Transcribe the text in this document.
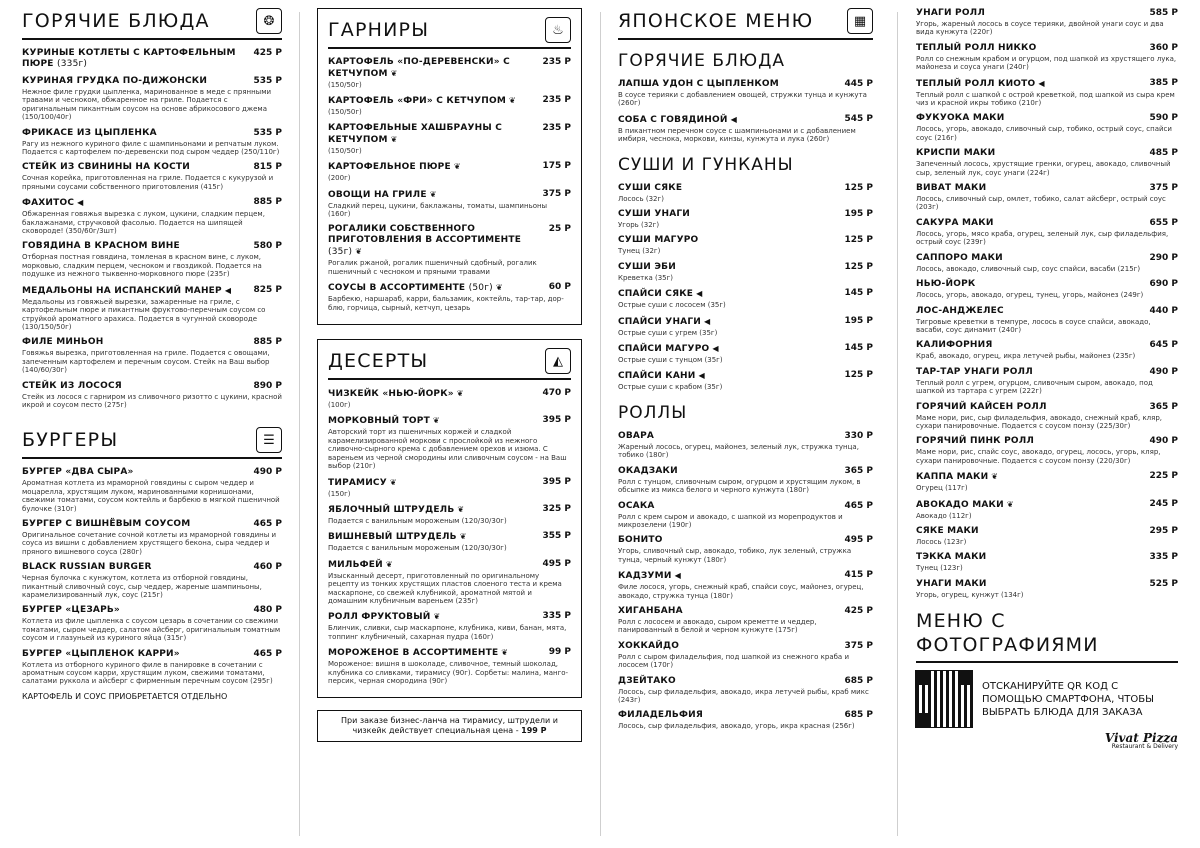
ГОРЯЧИЕ БЛЮДА	❂
КУРИНЫЕ КОТЛЕТЫ С КАРТОФЕЛЬНЫМ ПЮРЕ (335г)
425 Р
КУРИНАЯ ГРУДКА ПО-ДИЖОНСКИ	535 Р
Нежное филе грудки цыпленка, маринованное в меде с прянными травами и чесноком, обжаренное на гриле. Подается с оригинальным пикантным соусом на основе абрикосового джема (150/100/40г)
ФРИКАСЕ ИЗ ЦЫПЛЕНКА	535 Р
Рагу из нежного куриного филе с шампиньонами и репчатым луком. Подается с картофелем по-деревенски под сыром чеддер (250/110г)
СТЕЙК ИЗ СВИНИНЫ НА КОСТИ	815 Р
Сочная корейка, приготовленная на гриле. Подается с кукурузой и пряными соусами собственного приготовления (415г)
ФАХИТОС ◀	885 Р
Обжаренная говяжья вырезка с луком, цукини, сладким перцем, баклажанами, стручковой фасолью. Подается на шипящей сковороде! (350/60г/3шт)
ГОВЯДИНА В КРАСНОМ ВИНЕ	580 Р
Отборная постная говядина, томленая в красном вине, с луком, морковью, сладким перцем, чесноком и гвоздикой. Подается на подушке из нежного тыквенно-морковного пюре (235г)
МЕДАЛЬОНЫ НА ИСПАНСКИЙ МАНЕР ◀ 825 Р
Медальоны из говяжьей вырезки, зажаренные на гриле, с картофельным пюре и пикантным фруктово-перечным соусом со струйкой ароматного арахиса. Подается в чугунной сковороде (130/150/50г)
ФИЛЕ МИНЬОН	885 Р
Говяжья вырезка, приготовленная на гриле. Подается с овощами, запеченным картофелем и перечным соусом. Стейк на Ваш выбор (140/60/30г)
СТЕЙК ИЗ ЛОСОСЯ	890 Р
Стейк из лосося с гарниром из сливочного ризотто с цукини, красной икрой и соусом песто (275г)
БУРГЕРЫ	☰
БУРГЕР «ДВА СЫРА»	490 Р
Ароматная котлета из мраморной говядины с сыром чеддер и моцарелла, хрустящим луком, маринованными корнишонами, свежими томатами, соусом коктейль и барбекю в мягкой пшеничной булочке (310г)
БУРГЕР С ВИШНЁВЫМ СОУСОМ	465 Р
Оригинальное сочетание сочной котлеты из мраморной говядины и соуса из вишни с добавлением хрустящего бекона, сыра чеддер и пряного вишневого соуса (280г)
BLACK RUSSIAN BURGER	460 Р
Черная булочка с кунжутом, котлета из отборной говядины, пикантный сливочный соус, сыр чеддер, жареные шампиньоны, карамелизированный лук, соус (215г)
БУРГЕР «ЦЕЗАРЬ»	480 Р
Котлета из филе цыпленка с соусом цезарь в сочетании со свежими томатами, сыром чеддер, салатом айсберг, оригинальным томатным соусом и глазуньей из куриного яйца (315г)
БУРГЕР «ЦЫПЛЕНОК КАРРИ»	465 Р
Котлета из отборного куриного филе в панировке в сочетании с ароматным соусом карри, хрустящим луком, свежими томатами, салатами руккола и айсберг с фирменным перечным соусом (295г)
КАРТОФЕЛЬ И СОУС ПРИОБРЕТАЕТСЯ ОТДЕЛЬНО
ГАРНИРЫ	♨
КАРТОФЕЛЬ «ПО-ДЕРЕВЕНСКИ» С КЕТЧУПОМ ❦
235 Р
(150/50г)
КАРТОФЕЛЬ «ФРИ» С КЕТЧУПОМ ❦	235 Р
(150/50г)
КАРТОФЕЛЬНЫЕ ХАШБРАУНЫ С КЕТЧУПОМ ❦
235 Р
(150/50г)
КАРТОФЕЛЬНОЕ ПЮРЕ ❦	175 Р
(200г)
ОВОЩИ НА ГРИЛЕ ❦	375 Р
Сладкий перец, цукини, баклажаны, томаты, шампиньоны (160г)
РОГАЛИКИ СОБСТВЕННОГО ПРИГОТОВЛЕНИЯ В АССОРТИМЕНТЕ (35г) ❦
25 Р
Рогалик ржаной, рогалик пшеничный сдобный, рогалик пшеничный с чесноком и пряными травами
СОУСЫ В АССОРТИМЕНТЕ (50г) ❦	60 Р
Барбекю, наршараб, карри, бальзамик, коктейль, тар-тар, дор-блю, горчица, сырный, кетчуп, цезарь
ДЕСЕРТЫ	◭
ЧИЗКЕЙК «НЬЮ-ЙОРК» ❦	470 Р
(100г)
МОРКОВНЫЙ ТОРТ ❦	395 Р
Авторский торт из пшеничных коржей и сладкой карамелизированной моркови с прослойкой из нежного сливочно-сырного крема с добавлением орехов и изюма. С вареньем из черной смородины или сливочным соусом - на Ваш выбор (210г)
ТИРАМИСУ ❦	395 Р
(150г)
ЯБЛОЧНЫЙ ШТРУДЕЛЬ ❦	325 Р
Подается с ванильным мороженым (120/30/30г)
ВИШНЕВЫЙ ШТРУДЕЛЬ ❦	355 Р
Подается с ванильным мороженым (120/30/30г)
МИЛЬФЕЙ ❦	495 Р
Изысканный десерт, приготовленный по оригинальному рецепту из тонких хрустящих пластов слоеного теста и крема маскарпоне, со свежей клубникой, ароматной мятой и домашним клубничным вареньем (235г)
РОЛЛ ФРУКТОВЫЙ ❦	335 Р
Блинчик, сливки, сыр маскарпоне, клубника, киви, банан, мята, топпинг клубничный, сахарная пудра (160г)
МОРОЖЕНОЕ В АССОРТИМЕНТЕ ❦	99 Р
Мороженое: вишня в шоколаде, сливочное, темный шоколад, клубника со сливками, тирамису (90г). Сорбеты: малина, манго-персик, черная смородина (90г)
При заказе бизнес-ланча на тирамису, штрудели и чизкейк действует специальная цена - 199 Р
ЯПОНСКОЕ МЕНЮ	▦
ГОРЯЧИЕ БЛЮДА
ЛАПША УДОН С ЦЫПЛЕНКОМ	445 Р
В соусе терияки с добавлением овощей, стружки тунца и кунжута (260г)
СОБА С ГОВЯДИНОЙ ◀	545 Р
В пикантном перечном соусе с шампиньонами и с добавлением имбиря, чеснока, моркови, кинзы, кунжута и лука (260г)
СУШИ И ГУНКАНЫ
СУШИ СЯКЕ	125 Р
Лосось (32г)
СУШИ УНАГИ	195 Р
Угорь (32г)
СУШИ МАГУРО	125 Р
Тунец (32г)
СУШИ ЭБИ	125 Р
Креветка (35г)
СПАЙСИ СЯКЕ ◀	145 Р
Острые суши с лососем (35г)
СПАЙСИ УНАГИ ◀	195 Р
Острые суши с угрем (35г)
СПАЙСИ МАГУРО ◀	145 Р
Острые суши с тунцом (35г)
СПАЙСИ КАНИ ◀	125 Р
Острые суши с крабом (35г)
РОЛЛЫ
ОВАРА	330 Р
Жареный лосось, огурец, майонез, зеленый лук, стружка тунца, тобико (180г)
ОКАДЗАКИ	365 Р
Ролл с тунцом, сливочным сыром, огурцом и хрустящим луком, в обсыпке из микса белого и черного кунжута (180г)
ОСАКА	465 Р
Ролл с крем сыром и авокадо, с шапкой из морепродуктов и микрозелени (190г)
БОНИТО	495 Р
Угорь, сливочный сыр, авокадо, тобико, лук зеленый, стружка тунца, черный кунжут (180г)
КАДЗУМИ ◀	415 Р
Филе лосося, угорь, снежный краб, спайси соус, майонез, огурец, авокадо, стружка тунца (180г)
ХИГАНБАНА	425 Р
Ролл с лососем и авокадо, сыром креметте и чеддер, панированный в белой и черном кунжуте (175г)
ХОККАЙДО	375 Р
Ролл с сыром филадельфия, под шапкой из снежного краба и лососем (170г)
ДЗЕЙТАКО	685 Р
Лосось, сыр филадельфия, авокадо, икра летучей рыбы, краб микс (243г)
ФИЛАДЕЛЬФИЯ	685 Р
Лосось, сыр филадельфия, авокадо, угорь, икра красная (256г)
УНАГИ РОЛЛ	585 Р
Угорь, жареный лосось в соусе терияки, двойной унаги соус и два вида кунжута (220г)
ТЕПЛЫЙ РОЛЛ НИККО	360 Р
Ролл со снежным крабом и огурцом, под шапкой из хрустящего лука, майонеза и соуса унаги (240г)
ТЕПЛЫЙ РОЛЛ КИОТО ◀	385 Р
Теплый ролл с шапкой с острой креветкой, под шапкой из сыра крем чиз и красной икры тобико (210г)
ФУКУОКА МАКИ	590 Р
Лосось, угорь, авокадо, сливочный сыр, тобико, острый соус, спайси соус (216г)
КРИСПИ МАКИ	485 Р
Запеченный лосось, хрустящие гренки, огурец, авокадо, сливочный сыр, зеленый лук, соус унаги (224г)
ВИВАТ МАКИ	375 Р
Лосось, сливочный сыр, омлет, тобико, салат айсберг, острый соус (203г)
САКУРА МАКИ	655 Р
Лосось, угорь, мясо краба, огурец, зеленый лук, сыр филадельфия, острый соус (239г)
САППОРО МАКИ	290 Р
Лосось, авокадо, сливочный сыр, соус спайси, васаби (215г)
НЬЮ-ЙОРК	690 Р
Лосось, угорь, авокадо, огурец, тунец, угорь, майонез (249г)
ЛОС-АНДЖЕЛЕС	440 Р
Тигровые креветки в темпуре, лосось в соусе спайси, авокадо, васаби, соус динамит (240г)
КАЛИФОРНИЯ	645 Р
Краб, авокадо, огурец, икра летучей рыбы, майонез (235г)
ТАР-ТАР УНАГИ РОЛЛ	490 Р
Теплый ролл с угрем, огурцом, сливочным сыром, авокадо, под шапкой из тартара с угрем (222г)
ГОРЯЧИЙ КАЙСЕН РОЛЛ	365 Р
Маме нори, рис, сыр филадельфия, авокадо, снежный краб, кляр, сухари панировочные. Подается с соусом понзу (225/30г)
ГОРЯЧИЙ ПИНК РОЛЛ	490 Р
Маме нори, рис, спайс соус, авокадо, огурец, лосось, угорь, кляр, сухари панировочные. Подается с соусом понзу (220/30г)
КАППА МАКИ ❦	225 Р
Огурец (117г)
АВОКАДО МАКИ ❦	245 Р
Авокадо (112г)
СЯКЕ МАКИ	295 Р
Лосось (123г)
ТЭККА МАКИ	335 Р
Тунец (123г)
УНАГИ МАКИ	525 Р
Угорь, огурец, кунжут (134г)
МЕНЮ С ФОТОГРАФИЯМИ
ОТСКАНИРУЙТЕ QR КОД С ПОМОЩЬЮ СМАРТФОНА, ЧТОБЫ ВЫБРАТЬ БЛЮДА ДЛЯ ЗАКАЗА
Vivat Pizza
Restaurant & Delivery
